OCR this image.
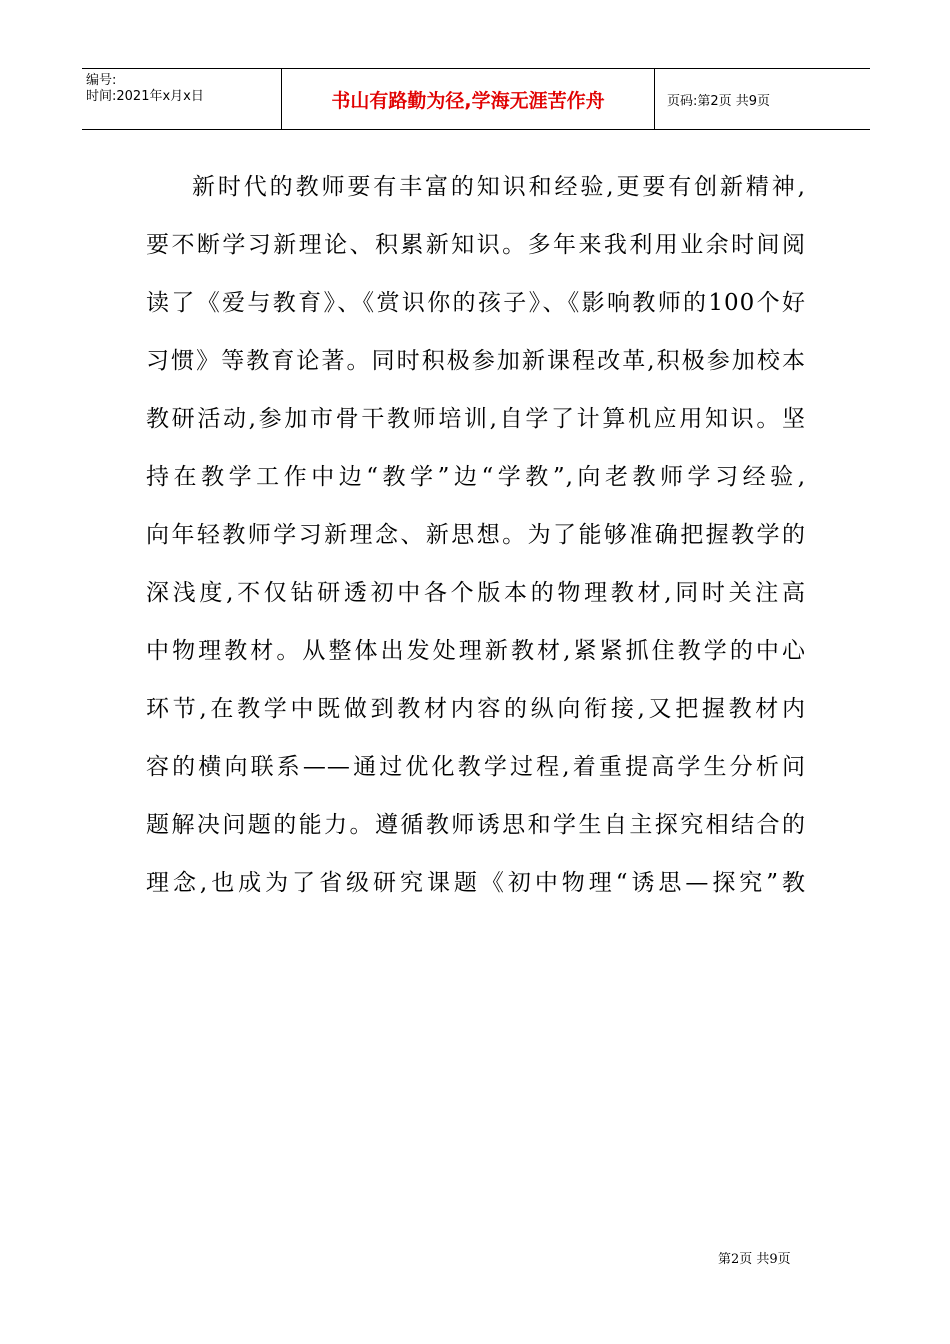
编号:
时间:2021年x月x日	书山有路勤为径,学海无涯苦作舟	页码:第2页 共9页
新时代的教师要有丰富的知识和经验,更要有创新精神,
要不断学习新理论、积累新知识。多年来我利用业余时间阅
读了《爱与教育》、《赏识你的孩子》、《影响教师的100个好
习惯》等教育论著。同时积极参加新课程改革,积极参加校本
教研活动,参加市骨干教师培训,自学了计算机应用知识。坚
持在教学工作中边“教学”边“学教”,向老教师学习经验,
向年轻教师学习新理念、新思想。为了能够准确把握教学的
深浅度,不仅钻研透初中各个版本的物理教材,同时关注高
中物理教材。从整体出发处理新教材,紧紧抓住教学的中心
环节,在教学中既做到教材内容的纵向衔接,又把握教材内
容的横向联系——通过优化教学过程,着重提高学生分析问
题解决问题的能力。遵循教师诱思和学生自主探究相结合的
理念,也成为了省级研究课题《初中物理“诱思—探究”教
第2页 共9页
